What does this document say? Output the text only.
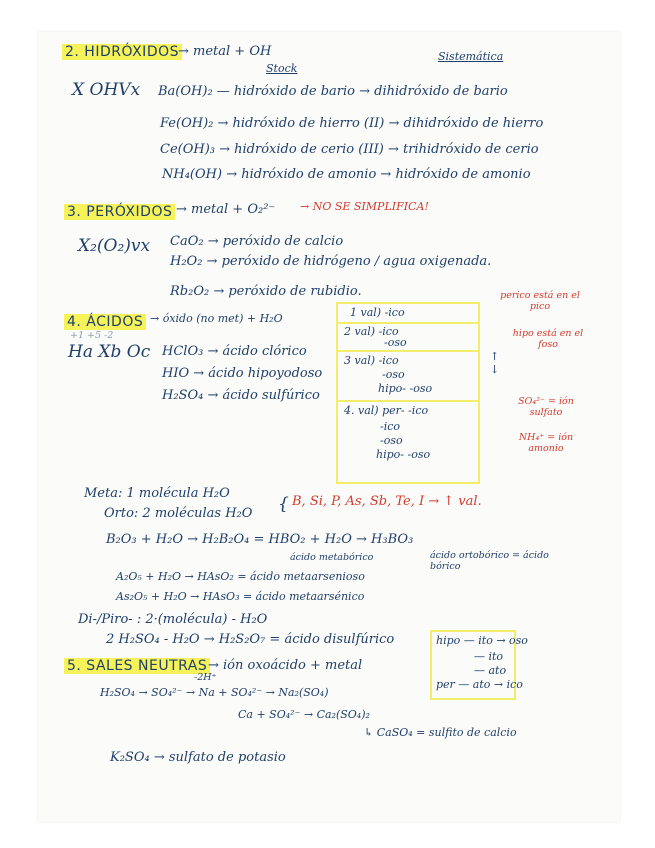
2. HIDRÓXIDOS
→ metal + OH
Stock
Sistemática
X OHVx Ba(OH)₂ — hidróxido de bario → dihidróxido de bario
Fe(OH)₂ → hidróxido de hierro (II) → dihidróxido de hierro
Ce(OH)₃ → hidróxido de cerio (III) → trihidróxido de cerio
NH₄(OH) → hidróxido de amonio → hidróxido de amonio
3. PERÓXIDOS → metal + O₂²⁻ → NO SE SIMPLIFICA!
X₂(O₂)vx CaO₂ → peróxido de calcio
H₂O₂ → peróxido de hidrógeno / agua oxigenada.
Rb₂O₂ → peróxido de rubidio.
4. ÁCIDOS → óxido (no met) + H₂O
+1 +5 -2
Ha Xb Oc HClO₃ → ácido clórico
HIO → ácido hipoyodoso
H₂SO₄ → ácido sulfúrico
1 val) -ico
2 val) -ico
-oso
3 val) -ico
-oso
hipo- -oso
4. val) per- -ico
-ico
-oso
hipo- -oso
↑
↓
perico está en el pico
hipo está en el foso
SO₄²⁻ = ión sulfato
NH₄⁺ = ión amonio
Meta: 1 molécula H₂O
Orto: 2 moléculas H₂O { B, Si, P, As, Sb, Te, I → ↑ val.
B₂O₃ + H₂O → H₂B₂O₄ = HBO₂ + H₂O → H₃BO₃
ácido metabórico	ácido ortobórico = ácido bórico
A₂O₅ + H₂O → HAsO₂ = ácido metaarsenioso
As₂O₅ + H₂O → HAsO₃ = ácido metaarsénico
Di-/Piro- : 2·(molécula) - H₂O
2 H₂SO₄ - H₂O → H₂S₂O₇ = ácido disulfúrico
5. SALES NEUTRAS → ión oxoácido + metal
-2H⁺
H₂SO₄ → SO₄²⁻ → Na + SO₄²⁻ → Na₂(SO₄)
Ca + SO₄²⁻ → Ca₂(SO₄)₂
↳ CaSO₄ = sulfito de calcio
K₂SO₄ → sulfato de potasio
hipo — ito → oso
— ito
— ato
per — ato → ico
